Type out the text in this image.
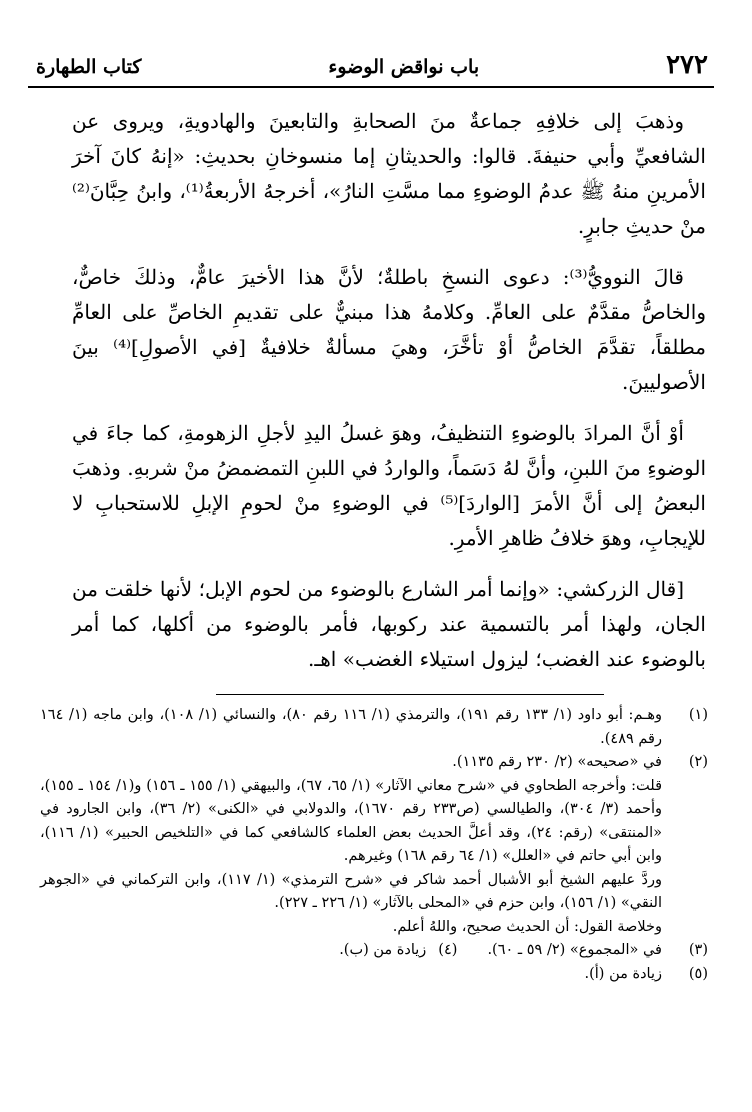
٢٧٢
باب نواقض الوضوء
كتاب الطهارة

وذهبَ إلى خلافِهِ جماعةٌ منَ الصحابةِ والتابعينَ والهادويةِ، ويروى عن الشافعيِّ وأبي حنيفةَ. قالوا: والحديثانِ إما منسوخانِ بحديثِ: «إنهُ كانَ آخرَ الأمرينِ منهُ ﷺ عدمُ الوضوءِ مما مسَّتِ النارُ»، أخرجهُ الأربعةُ⁽¹⁾، وابنُ حِبَّانَ⁽²⁾ منْ حديثِ جابرٍ.

قالَ النوويُّ⁽³⁾: دعوى النسخِ باطلةٌ؛ لأنَّ هذا الأخيرَ عامٌّ، وذلكَ خاصٌّ، والخاصُّ مقدَّمٌ على العامِّ. وكلامهُ هذا مبنيٌّ على تقديمِ الخاصِّ على العامِّ مطلقاً، تقدَّمَ الخاصُّ أوْ تأخَّرَ، وهيَ مسألةٌ خلافيةٌ [في الأصولِ]⁽⁴⁾ بينَ الأصوليينَ.

أوْ أنَّ المرادَ بالوضوءِ التنظيفُ، وهوَ غسلُ اليدِ لأجلِ الزهومةِ، كما جاءَ في الوضوءِ منَ اللبنِ، وأنَّ لهُ دَسَماً، والواردُ في اللبنِ التمضمضُ منْ شربهِ. وذهبَ البعضُ إلى أنَّ الأمرَ [الواردَ]⁽⁵⁾ في الوضوءِ منْ لحومِ الإبلِ للاستحبابِ لا للإيجابِ، وهوَ خلافُ ظاهرِ الأمرِ.

[قال الزركشي: «وإنما أمر الشارع بالوضوء من لحوم الإبل؛ لأنها خلقت من الجان، ولهذا أمر بالتسمية عند ركوبها، فأمر بالوضوء من أكلها، كما أمر بالوضوء عند الغضب؛ ليزول استيلاء الغضب» اهـ.

(١)
وهـم: أبو داود (١/ ١٣٣ رقم ١٩١)، والترمذي (١/ ١١٦ رقم ٨٠)، والنسائي (١/ ١٠٨)، وابن ماجه (١/ ١٦٤ رقم ٤٨٩).
(٢)
في «صحيحه» (٢/ ٢٣٠ رقم ١١٣٥).
قلت: وأخرجه الطحاوي في «شرح معاني الآثار» (١/ ٦٥، ٦٧)، والبيهقي (١/ ١٥٥ ـ ١٥٦) و(١/ ١٥٤ ـ ١٥٥)، وأحمد (٣/ ٣٠٤)، والطيالسي (ص٢٣٣ رقم ١٦٧٠)، والدولابي في «الكنى» (٢/ ٣٦)، وابن الجارود في «المنتقى» (رقم: ٢٤)، وقد أعلَّ الحديث بعض العلماء كالشافعي كما في «التلخيص الحبير» (١/ ١١٦)، وابن أبي حاتم في «العلل» (١/ ٦٤ رقم ١٦٨) وغيرهم.
وردَّ عليهم الشيخ أبو الأشبال أحمد شاكر في «شرح الترمذي» (١/ ١١٧)، وابن التركماني في «الجوهر النقي» (١/ ١٥٦)، وابن حزم في «المحلى بالآثار» (١/ ٢٢٦ ـ ٢٢٧).
وخلاصة القول: أن الحديث صحيح، واللهُ أعلم.
(٣)
في «المجموع» (٢/ ٥٩ ـ ٦٠).
(٤)
زيادة من (ب).
(٥)
زيادة من (أ).
